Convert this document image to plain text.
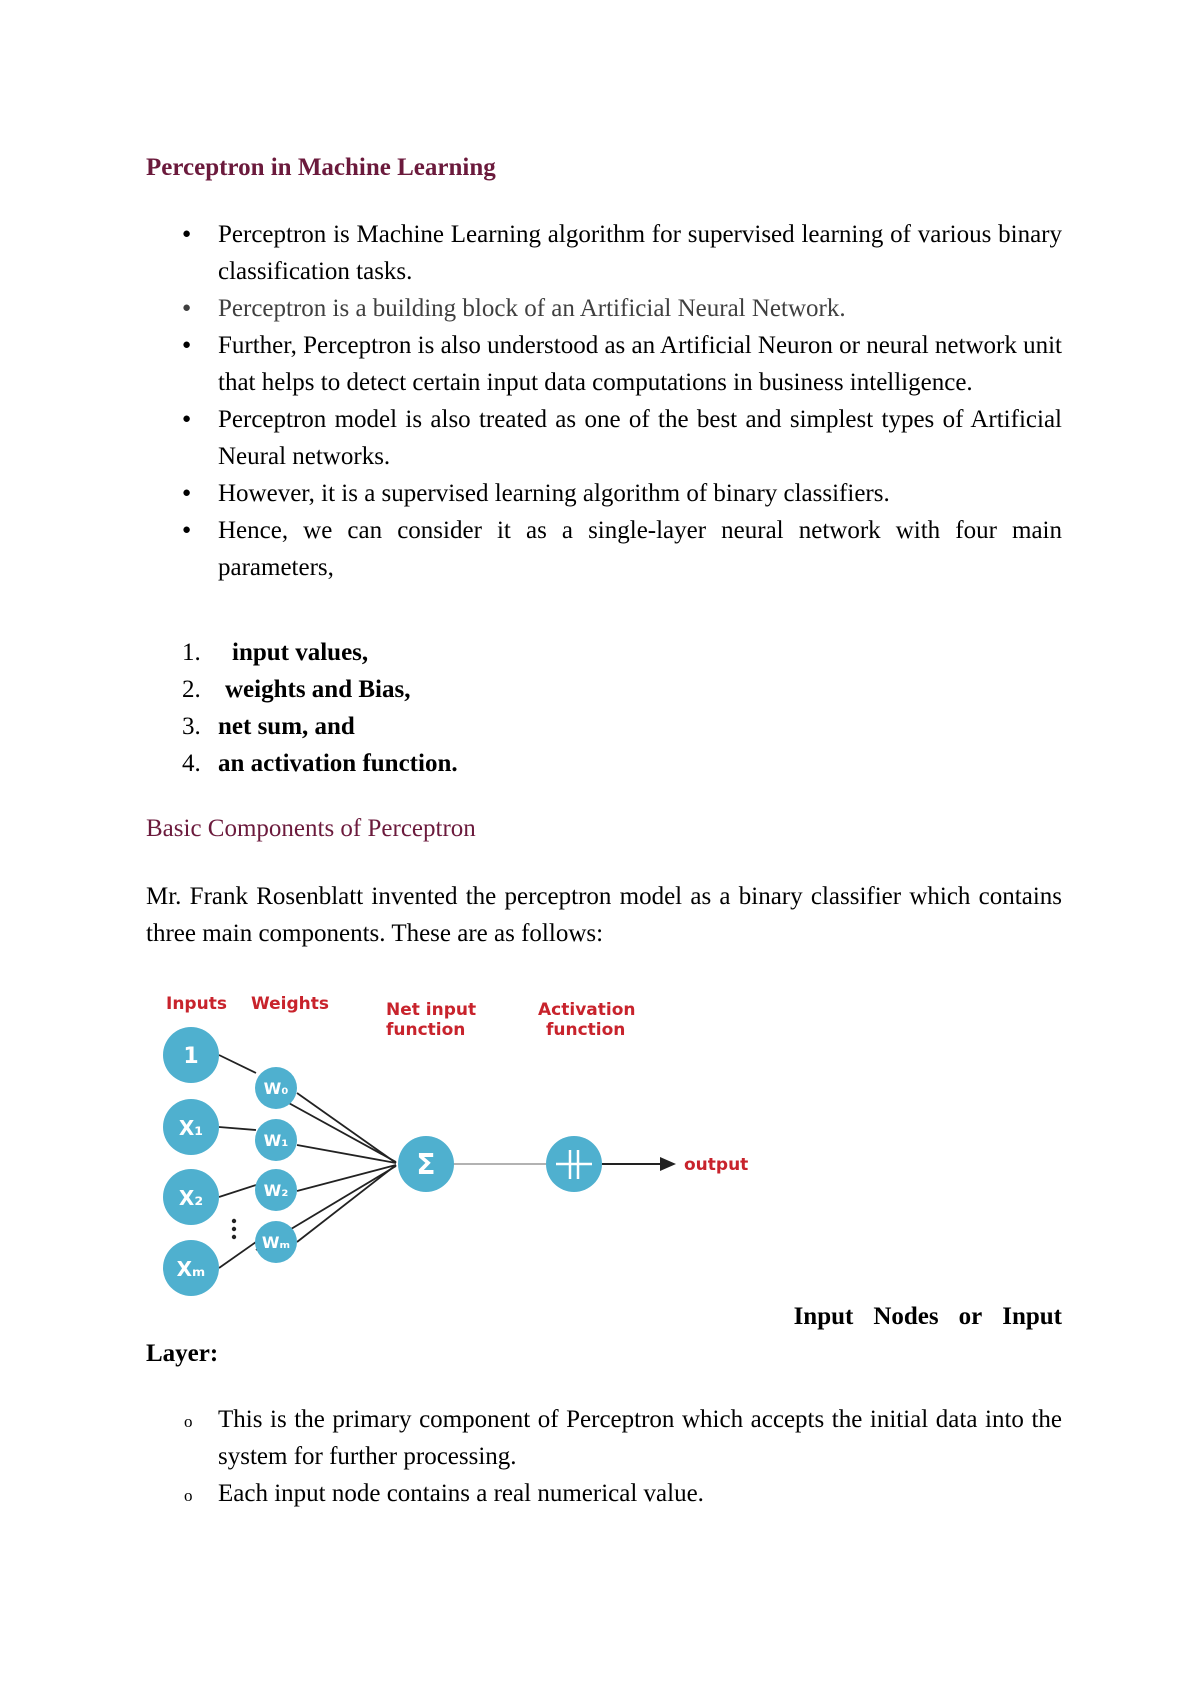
Perceptron in Machine Learning
● Perceptron is Machine Learning algorithm for supervised learning of various binary classification tasks.
● Perceptron is a building block of an Artificial Neural Network.
● Further, Perceptron is also understood as an Artificial Neuron or neural network unit that helps to detect certain input data computations in business intelligence.
● Perceptron model is also treated as one of the best and simplest types of Artificial Neural networks.
● However, it is a supervised learning algorithm of binary classifiers.
● Hence, we can consider it as a single-layer neural network with four main parameters,
1. input values,
2. weights and Bias,
3. net sum, and
4. an activation function.
Basic Components of Perceptron

Mr. Frank Rosenblatt invented the perceptron model as a binary classifier which contains three main components. These are as follows:

Inputs Weights	Net input
function
Activation
function
1
X₁
X₂
Xₘ
W₀
W₁
W₂
Wₘ
Σ	output
Input Nodes or Input
Layer:
o This is the primary component of Perceptron which accepts the initial data into the system for further processing.
o Each input node contains a real numerical value.
